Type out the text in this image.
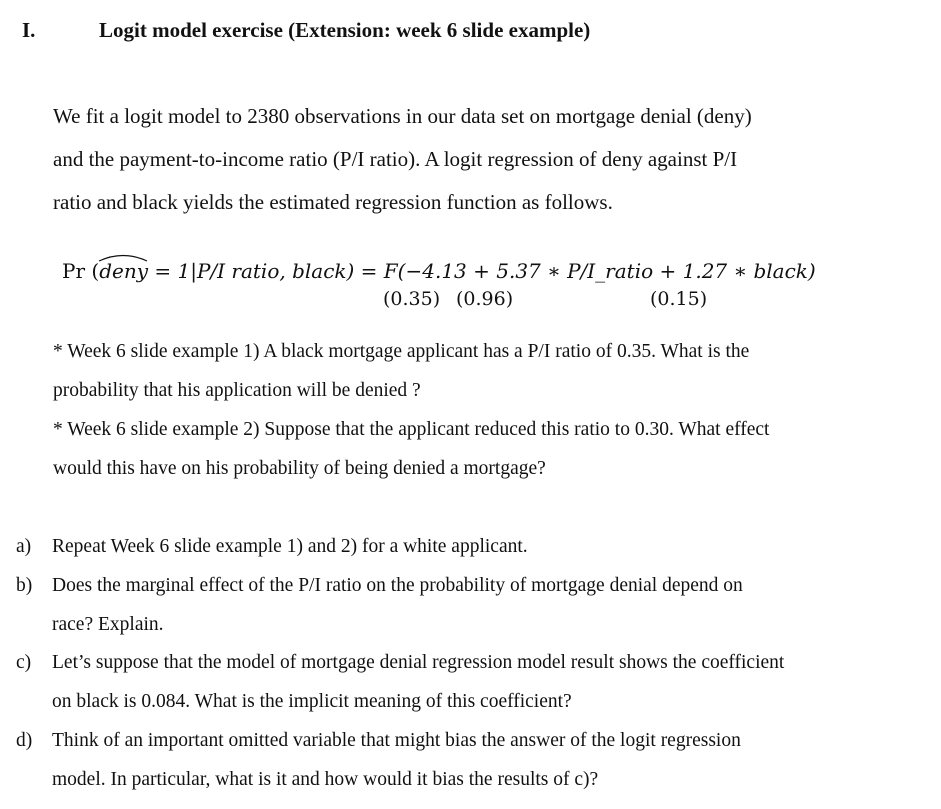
I.	Logit model exercise (Extension: week 6 slide example)
We fit a logit model to 2380 observations in our data set on mortgage denial (deny)
and the payment-to-income ratio (P/I ratio). A logit regression of deny against P/I
ratio and black yields the estimated regression function as follows.
Pr (
deny = 1|P/I ratio, black) = F(−4.13 + 5.37 ∗ P/I_ratio + 1.27 ∗ black)
(0.35) (0.96)	(0.15)
* Week 6 slide example 1) A black mortgage applicant has a P/I ratio of 0.35. What is the
probability that his application will be denied ?
* Week 6 slide example 2) Suppose that the applicant reduced this ratio to 0.30. What effect
would this have on his probability of being denied a mortgage?
a) Repeat Week 6 slide example 1) and 2) for a white applicant.
b) Does the marginal effect of the P/I ratio on the probability of mortgage denial depend on
race? Explain.
c) Let’s suppose that the model of mortgage denial regression model result shows the coefficient
on black is 0.084. What is the implicit meaning of this coefficient?
d) Think of an important omitted variable that might bias the answer of the logit regression
model. In particular, what is it and how would it bias the results of c)?
